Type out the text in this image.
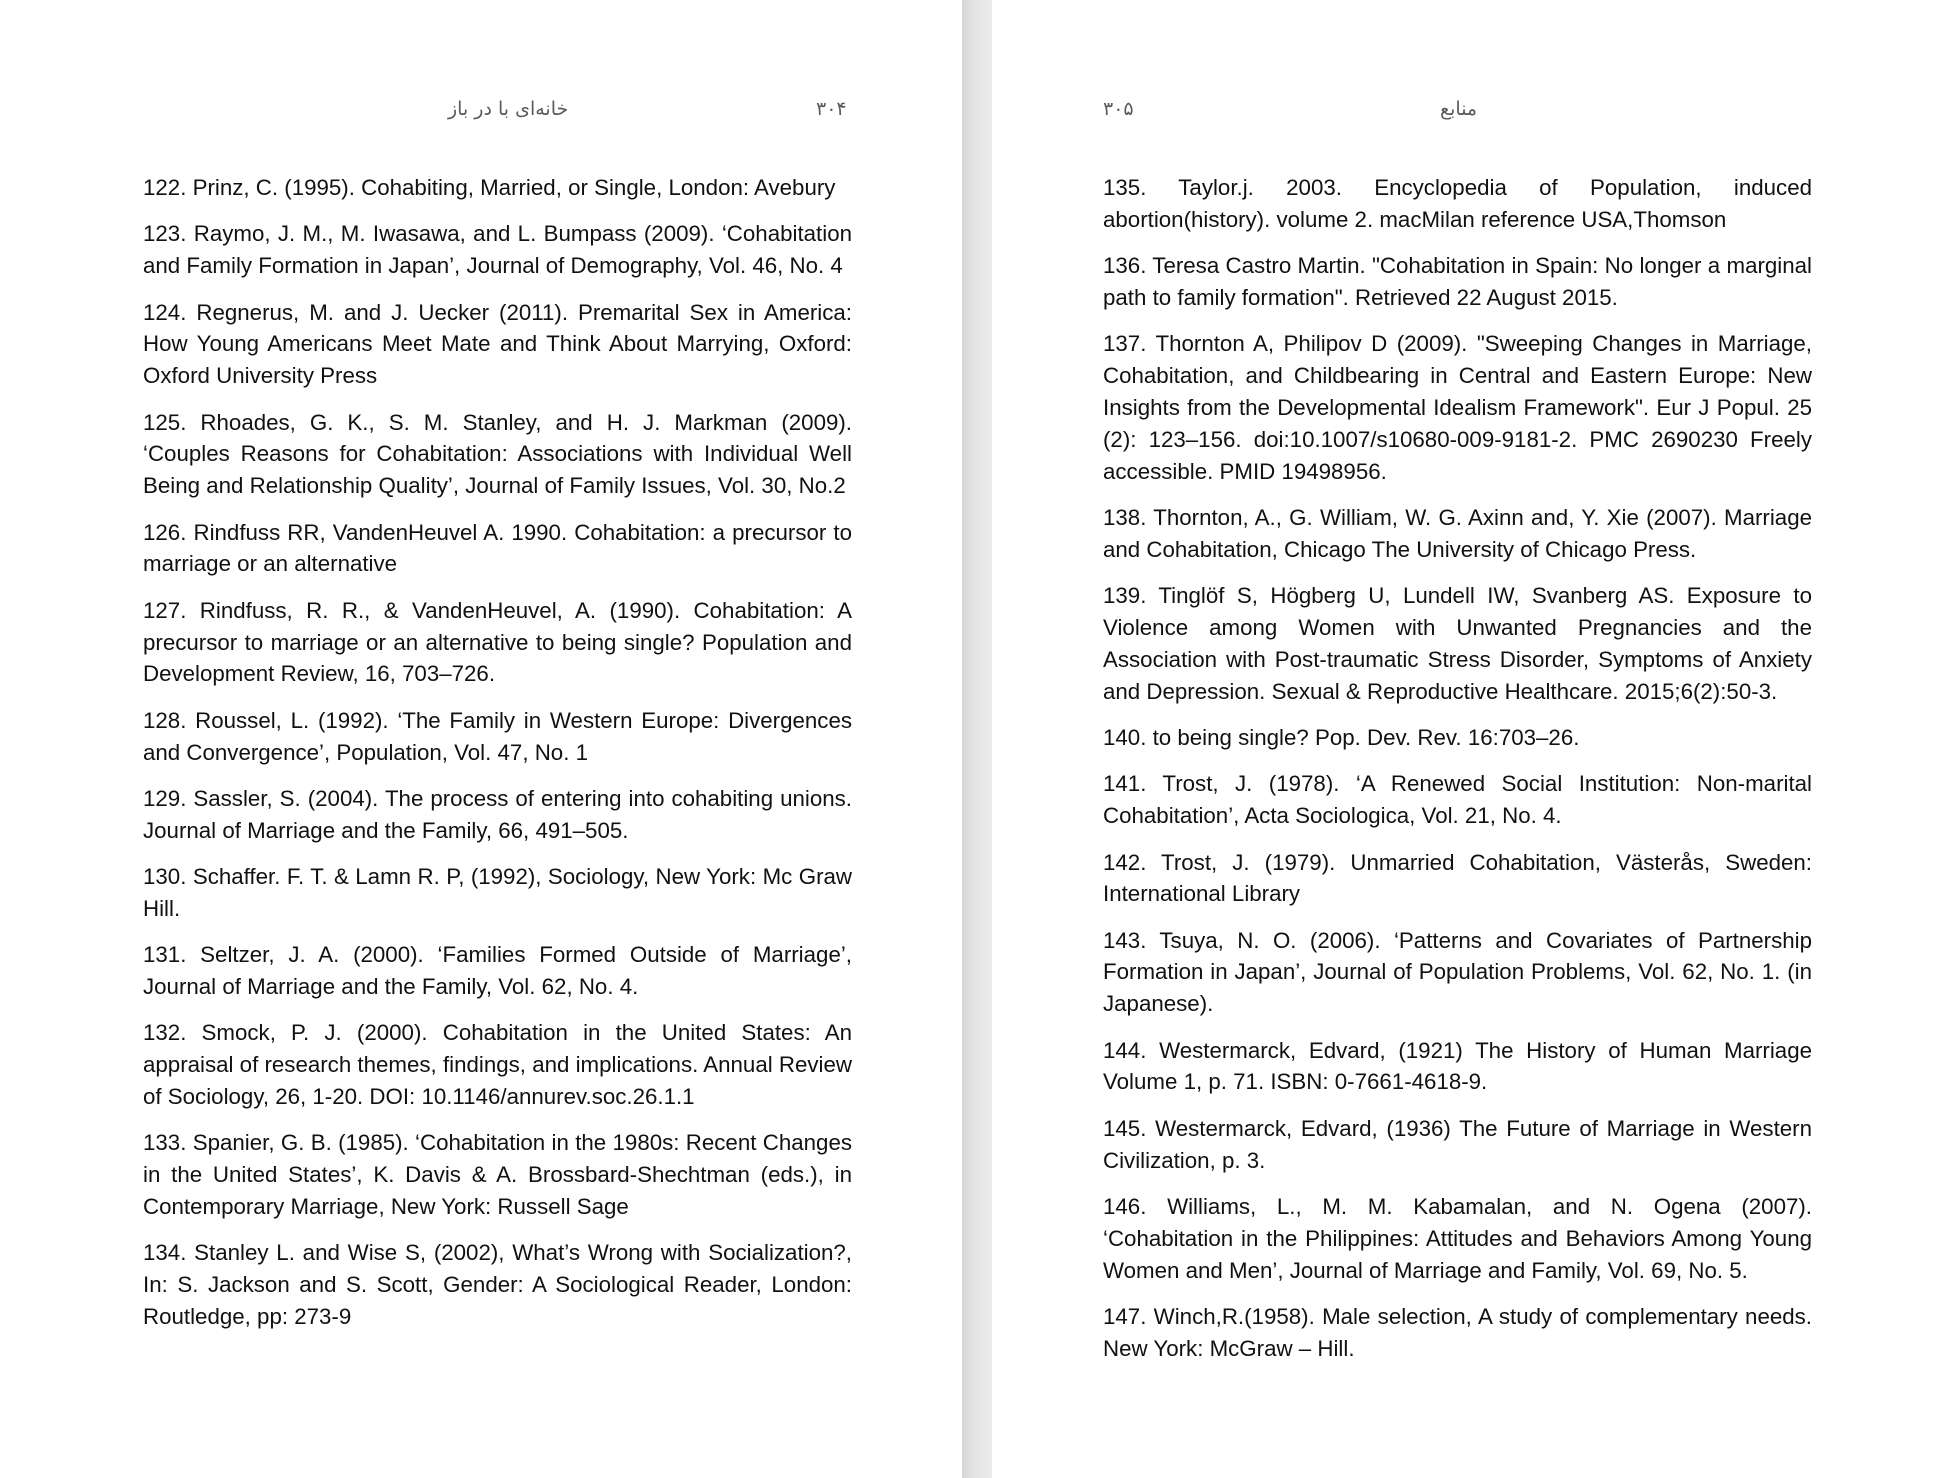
خانه‌ای با در باز	۳۰۴

122. Prinz, C. (1995). Cohabiting, Married, or Single, London: Avebury

123. Raymo, J. M., M. Iwasawa, and L. Bumpass (2009). ‘Cohabitation and Family Formation in Japan’, Journal of Demography, Vol. 46, No. 4

124. Regnerus, M. and J. Uecker (2011). Premarital Sex in America: How Young Americans Meet Mate and Think About Marrying, Oxford: Oxford University Press

125. Rhoades, G. K., S. M. Stanley, and H. J. Markman (2009). ‘Couples Reasons for Cohabitation: Associations with Individual Well Being and Relationship Quality’, Journal of Family Issues, Vol. 30, No.2

126. Rindfuss RR, VandenHeuvel A. 1990. Cohabitation: a precursor to marriage or an alternative

127. Rindfuss, R. R., & VandenHeuvel, A. (1990). Cohabitation: A precursor to marriage or an alternative to being single? Population and Development Review, 16, 703–726.

128. Roussel, L. (1992). ‘The Family in Western Europe: Divergences and Convergence’, Population, Vol. 47, No. 1

129. Sassler, S. (2004). The process of entering into cohabiting unions. Journal of Marriage and the Family, 66, 491–505.

130. Schaffer. F. T. & Lamn R. P, (1992), Sociology, New York: Mc Graw Hill.

131. Seltzer, J. A. (2000). ‘Families Formed Outside of Marriage’, Journal of Marriage and the Family, Vol. 62, No. 4.

132. Smock, P. J. (2000). Cohabitation in the United States: An appraisal of research themes, findings, and implications. Annual Review of Sociology, 26, 1-20. DOI: 10.1146/annurev.soc.26.1.1

133. Spanier, G. B. (1985). ‘Cohabitation in the 1980s: Recent Changes in the United States’, K. Davis & A. Brossbard-Shechtman (eds.), in Contemporary Marriage, New York: Russell Sage

134. Stanley L. and Wise S, (2002), What’s Wrong with Socialization?, In: S. Jackson and S. Scott, Gender: A Sociological Reader, London: Routledge, pp: 273-9

۳۰۵	منابع

135. Taylor.j. 2003. Encyclopedia of Population, induced abortion(history). volume 2. macMilan reference USA,Thomson

136. Teresa Castro Martin. "Cohabitation in Spain: No longer a marginal path to family formation". Retrieved 22 August 2015.

137. Thornton A, Philipov D (2009). "Sweeping Changes in Marriage, Cohabitation, and Childbearing in Central and Eastern Europe: New Insights from the Developmental Idealism Framework". Eur J Popul. 25 (2): 123–156. doi:10.1007/s10680-009-9181-2. PMC 2690230 Freely accessible. PMID 19498956.

138. Thornton, A., G. William, W. G. Axinn and, Y. Xie (2007). Marriage and Cohabitation, Chicago The University of Chicago Press.

139. Tinglöf S, Högberg U, Lundell IW, Svanberg AS. Exposure to Violence among Women with Unwanted Pregnancies and the Association with Post-traumatic Stress Disorder, Symptoms of Anxiety and Depression. Sexual & Reproductive Healthcare. 2015;6(2):50-3.

140. to being single? Pop. Dev. Rev. 16:703–26.

141. Trost, J. (1978). ‘A Renewed Social Institution: Non-marital Cohabitation’, Acta Sociologica, Vol. 21, No. 4.

142. Trost, J. (1979). Unmarried Cohabitation, Västerås, Sweden: International Library

143. Tsuya, N. O. (2006). ‘Patterns and Covariates of Partnership Formation in Japan’, Journal of Population Problems, Vol. 62, No. 1. (in Japanese).

144. Westermarck, Edvard, (1921) The History of Human Marriage Volume 1, p. 71. ISBN: 0-7661-4618-9.

145. Westermarck, Edvard, (1936) The Future of Marriage in Western Civilization, p. 3.

146. Williams, L., M. M. Kabamalan, and N. Ogena (2007). ‘Cohabitation in the Philippines: Attitudes and Behaviors Among Young Women and Men’, Journal of Marriage and Family, Vol. 69, No. 5.

147. Winch,R.(1958). Male selection, A study of complementary needs. New York: McGraw – Hill.
